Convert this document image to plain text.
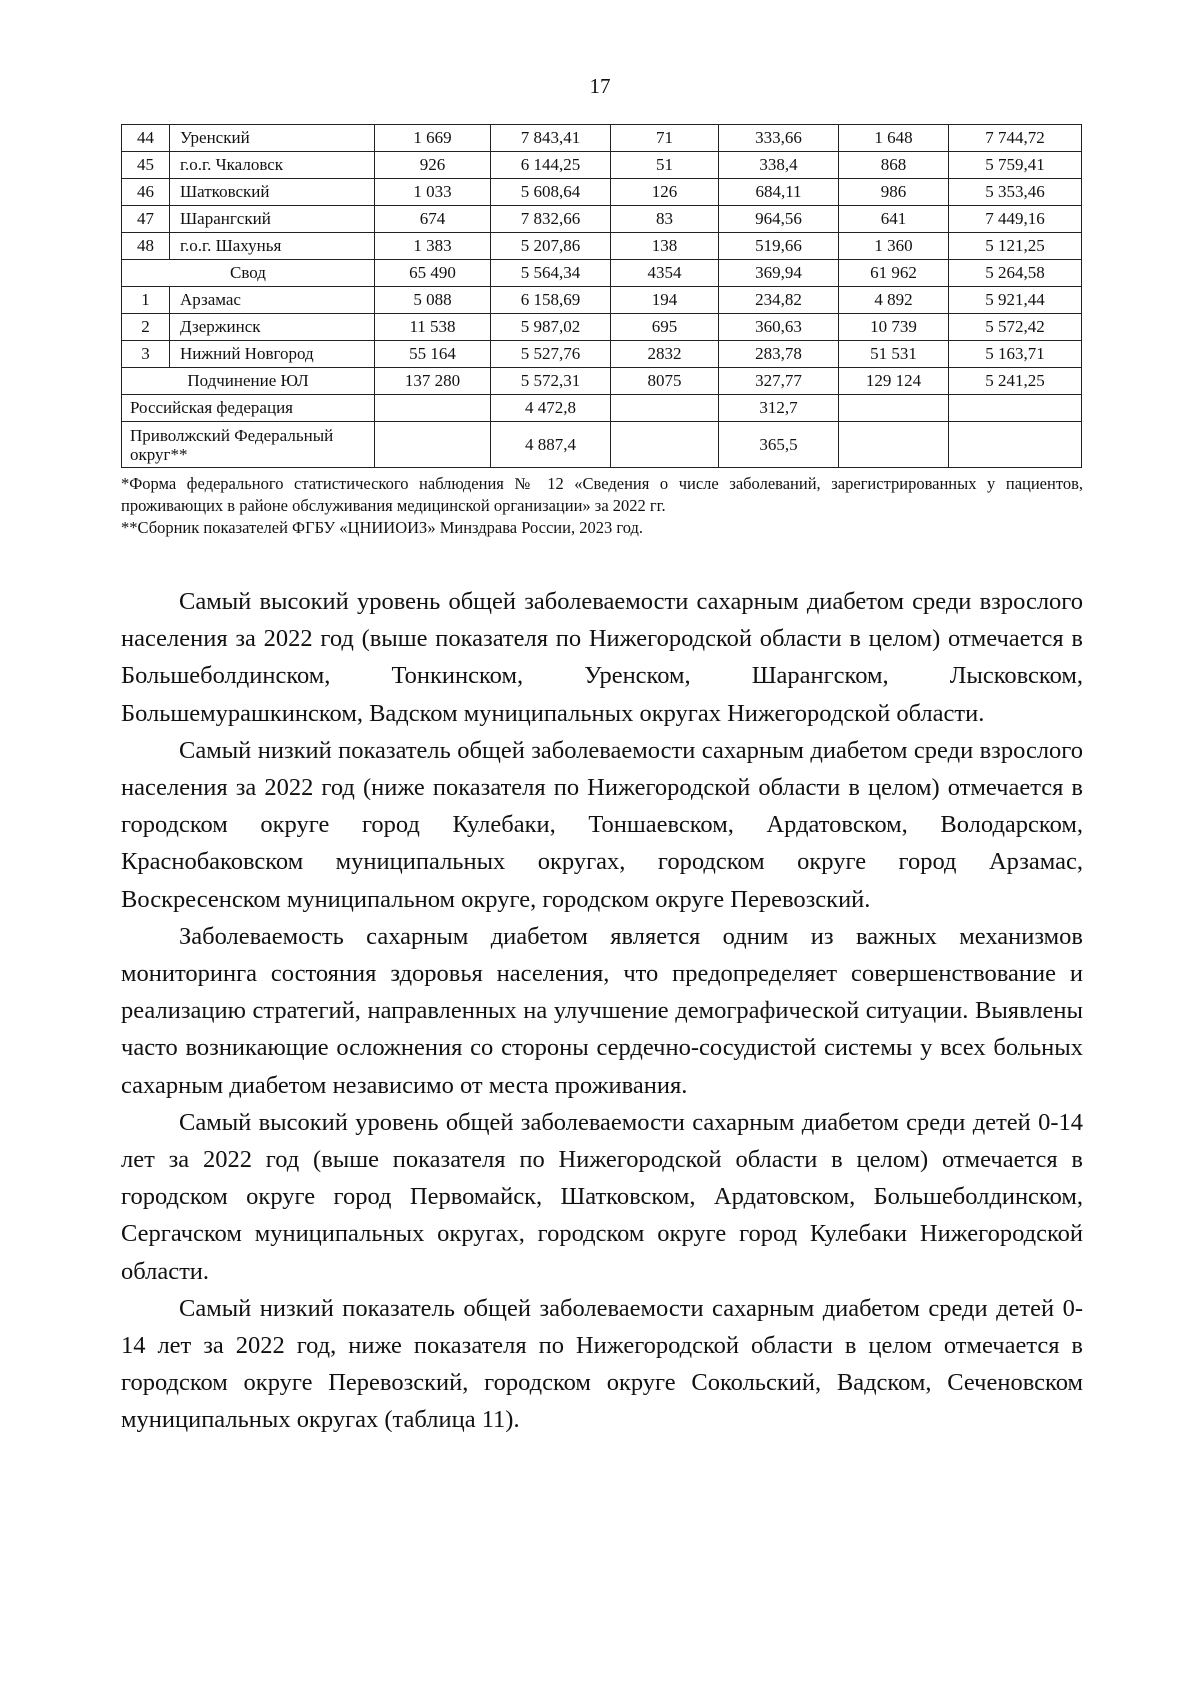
17
44	Уренский	1 669	7 843,41	71	333,66	1 648	7 744,72
45	г.о.г. Чкаловск	926	6 144,25	51	338,4	868	5 759,41
46	Шатковский	1 033	5 608,64	126	684,11	986	5 353,46
47	Шарангский	674	7 832,66	83	964,56	641	7 449,16
48	г.о.г. Шахунья	1 383	5 207,86	138	519,66	1 360	5 121,25
Свод		65 490	5 564,34	4354	369,94	61 962	5 264,58
1	Арзамас	5 088	6 158,69	194	234,82	4 892	5 921,44
2	Дзержинск	11 538	5 987,02	695	360,63	10 739	5 572,42
3	Нижний Новгород	55 164	5 527,76	2832	283,78	51 531	5 163,71
Подчинение ЮЛ		137 280	5 572,31	8075	327,77	129 124	5 241,25
Российская федерация			4 472,8		312,7		
Приволжский Федеральный округ**			4 887,4		365,5		

*Форма федерального статистического наблюдения № 12 «Сведения о числе заболеваний, зарегистрированных у пациентов, проживающих в районе обслуживания медицинской организации» за 2022 гг.

**Сборник показателей ФГБУ «ЦНИИОИЗ» Минздрава России, 2023 год.

Самый высокий уровень общей заболеваемости сахарным диабетом среди взрослого населения за 2022 год (выше показателя по Нижегородской области в целом) отмечается в Большеболдинском, Тонкинском, Уренском, Шарангском, Лысковском, Большемурашкинском, Вадском муниципальных округах Нижегородской области.

Самый низкий показатель общей заболеваемости сахарным диабетом среди взрослого населения за 2022 год (ниже показателя по Нижегородской области в целом) отмечается в городском округе город Кулебаки, Тоншаевском, Ардатовском, Володарском, Краснобаковском муниципальных округах, городском округе город Арзамас, Воскресенском муниципальном округе, городском округе Перевозский.

Заболеваемость сахарным диабетом является одним из важных механизмов мониторинга состояния здоровья населения, что предопределяет совершенствование и реализацию стратегий, направленных на улучшение демографической ситуации. Выявлены часто возникающие осложнения со стороны сердечно-сосудистой системы у всех больных сахарным диабетом независимо от места проживания.

Самый высокий уровень общей заболеваемости сахарным диабетом среди детей 0-14 лет за 2022 год (выше показателя по Нижегородской области в целом) отмечается в городском округе город Первомайск, Шатковском, Ардатовском, Большеболдинском, Сергачском муниципальных округах, городском округе город Кулебаки Нижегородской области.

Самый низкий показатель общей заболеваемости сахарным диабетом среди детей 0-14 лет за 2022 год, ниже показателя по Нижегородской области в целом отмечается в городском округе Перевозский, городском округе Сокольский, Вадском, Сеченовском муниципальных округах (таблица 11).
